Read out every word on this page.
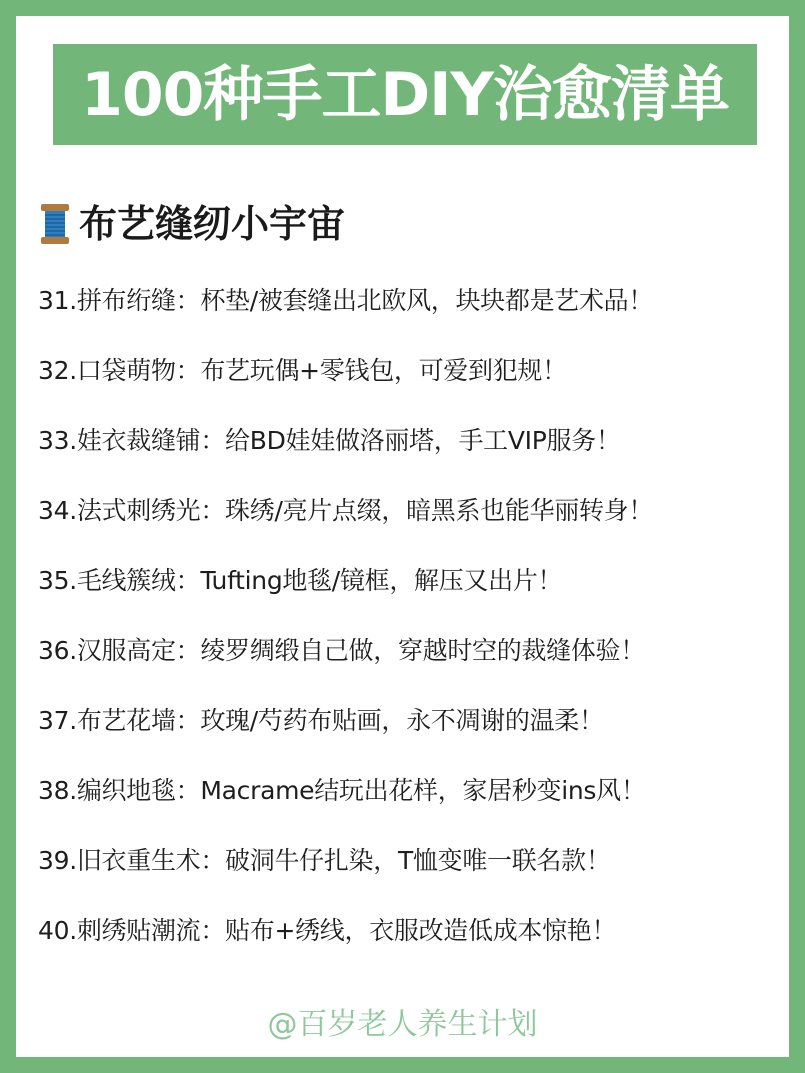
100种手工DIY治愈清单
布艺缝纫小宇宙
31.拼布绗缝：杯垫/被套缝出北欧风，块块都是艺术品！
32.口袋萌物：布艺玩偶+零钱包，可爱到犯规！
33.娃衣裁缝铺：给BD娃娃做洛丽塔，手工VIP服务！
34.法式刺绣光：珠绣/亮片点缀，暗黑系也能华丽转身！
35.毛线簇绒：Tufting地毯/镜框，解压又出片！
36.汉服高定：绫罗绸缎自己做，穿越时空的裁缝体验！
37.布艺花墙：玫瑰/芍药布贴画，永不凋谢的温柔！
38.编织地毯：Macrame结玩出花样，家居秒变ins风！
39.旧衣重生术：破洞牛仔扎染，T恤变唯一联名款！
40.刺绣贴潮流：贴布+绣线，衣服改造低成本惊艳！
@百岁老人养生计划
